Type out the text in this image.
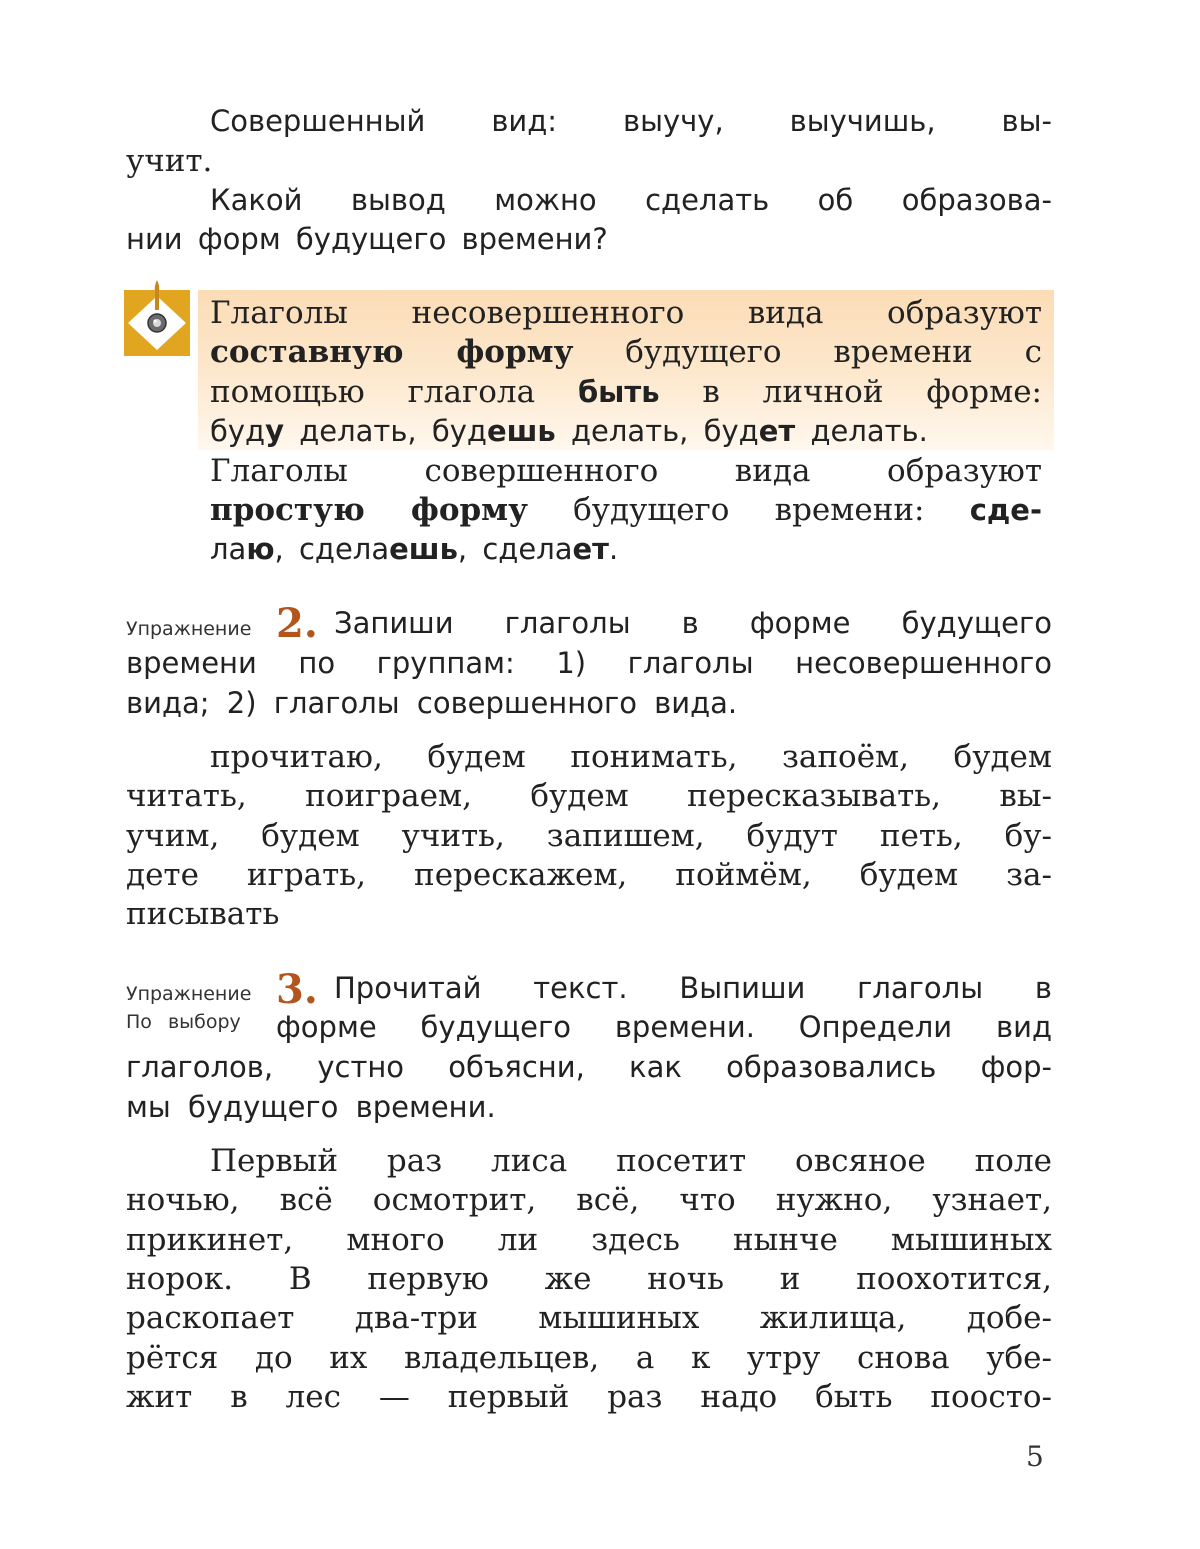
Совершенный вид: выучу, выучишь, вы-
учит.
Какой вывод можно сделать об образова-
нии форм будущего времени?
Глаголы несовершенного вида образуют
составную форму будущего времени с
помощью глагола быть в личной форме:
буду делать, будешь делать, будет делать.
Глаголы совершенного вида образуют
простую форму будущего времени: сде-
лаю, сделаешь, сделает.
Упражнение 2. Запиши глаголы в форме будущего
времени по группам: 1) глаголы несовершенного
вида; 2) глаголы совершенного вида.
прочитаю, будем понимать, запоём, будем
читать, поиграем, будем пересказывать, вы-
учим, будем учить, запишем, будут петь, бу-
дете играть, перескажем, поймём, будем за-
писывать
Упражнение
По выбору
3. Прочитай текст. Выпиши глаголы в
форме будущего времени. Определи вид
глаголов, устно объясни, как образовались фор-
мы будущего времени.
Первый раз лиса посетит овсяное поле
ночью, всё осмотрит, всё, что нужно, узнает,
прикинет, много ли здесь нынче мышиных
норок. В первую же ночь и поохотится,
раскопает два-три мышиных жилища, добе-
рётся до их владельцев, а к утру снова убе-
жит в лес — первый раз надо быть поосто-
5
